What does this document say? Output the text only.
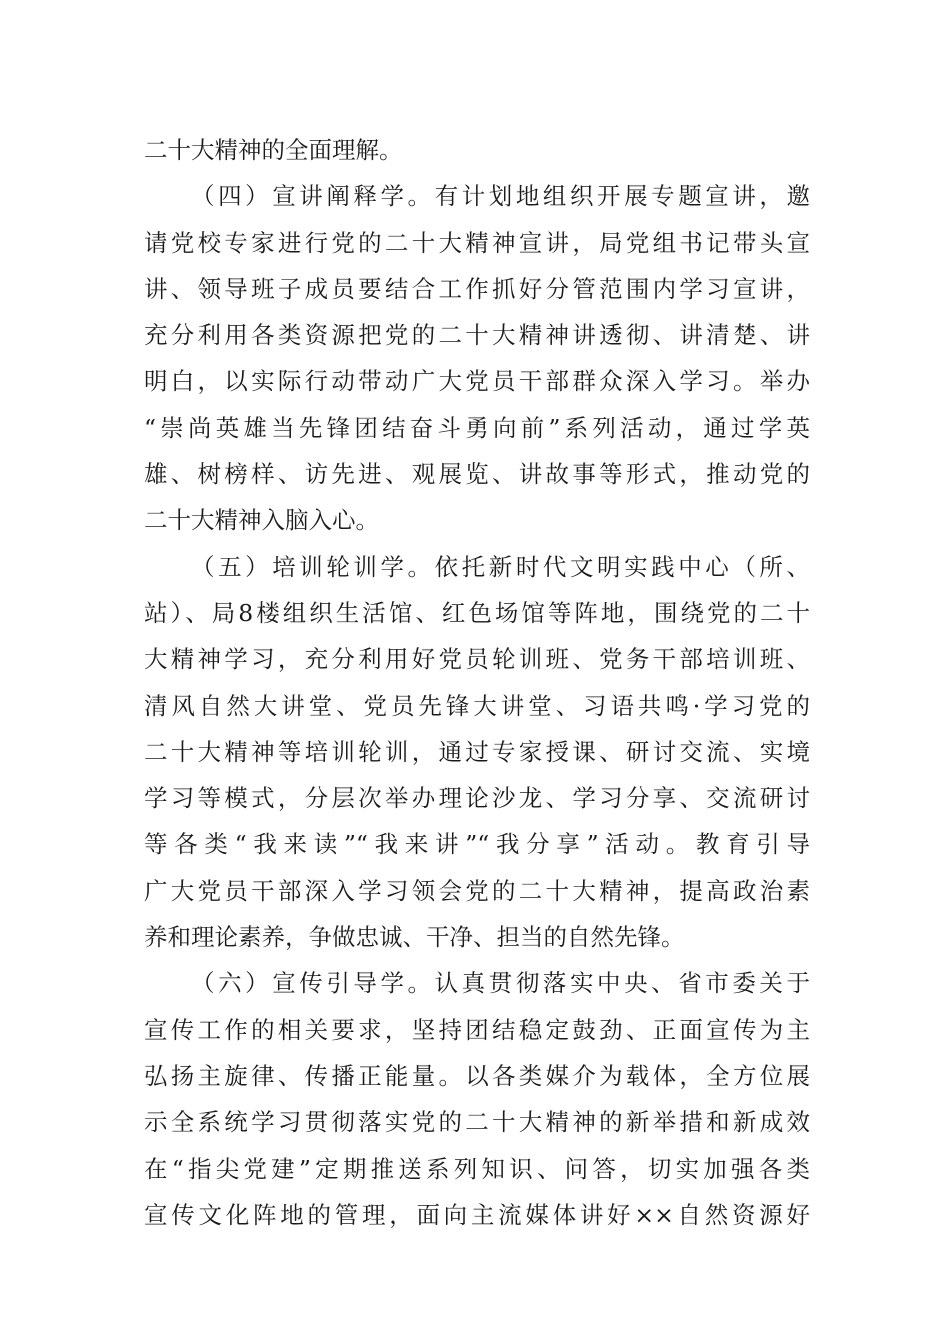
二十大精神的全面理解。
（四）宣讲阐释学。有计划地组织开展专题宣讲，邀
请党校专家进行党的二十大精神宣讲，局党组书记带头宣
讲、领导班子成员要结合工作抓好分管范围内学习宣讲，
充分利用各类资源把党的二十大精神讲透彻、讲清楚、讲
明白，以实际行动带动广大党员干部群众深入学习。举办
“崇尚英雄当先锋团结奋斗勇向前”系列活动，通过学英
雄、树榜样、访先进、观展览、讲故事等形式，推动党的
二十大精神入脑入心。
（五）培训轮训学。依托新时代文明实践中心（所、
站）、局8楼组织生活馆、红色场馆等阵地，围绕党的二十
大精神学习，充分利用好党员轮训班、党务干部培训班、
清风自然大讲堂、党员先锋大讲堂、习语共鸣·学习党的
二十大精神等培训轮训，通过专家授课、研讨交流、实境
学习等模式，分层次举办理论沙龙、学习分享、交流研讨
等各类“我来读”“我来讲”“我分享”活动。教育引导
广大党员干部深入学习领会党的二十大精神，提高政治素
养和理论素养，争做忠诚、干净、担当的自然先锋。
（六）宣传引导学。认真贯彻落实中央、省市委关于
宣传工作的相关要求，坚持团结稳定鼓劲、正面宣传为主
弘扬主旋律、传播正能量。以各类媒介为载体，全方位展
示全系统学习贯彻落实党的二十大精神的新举措和新成效
在“指尖党建”定期推送系列知识、问答，切实加强各类
宣传文化阵地的管理，面向主流媒体讲好××自然资源好
